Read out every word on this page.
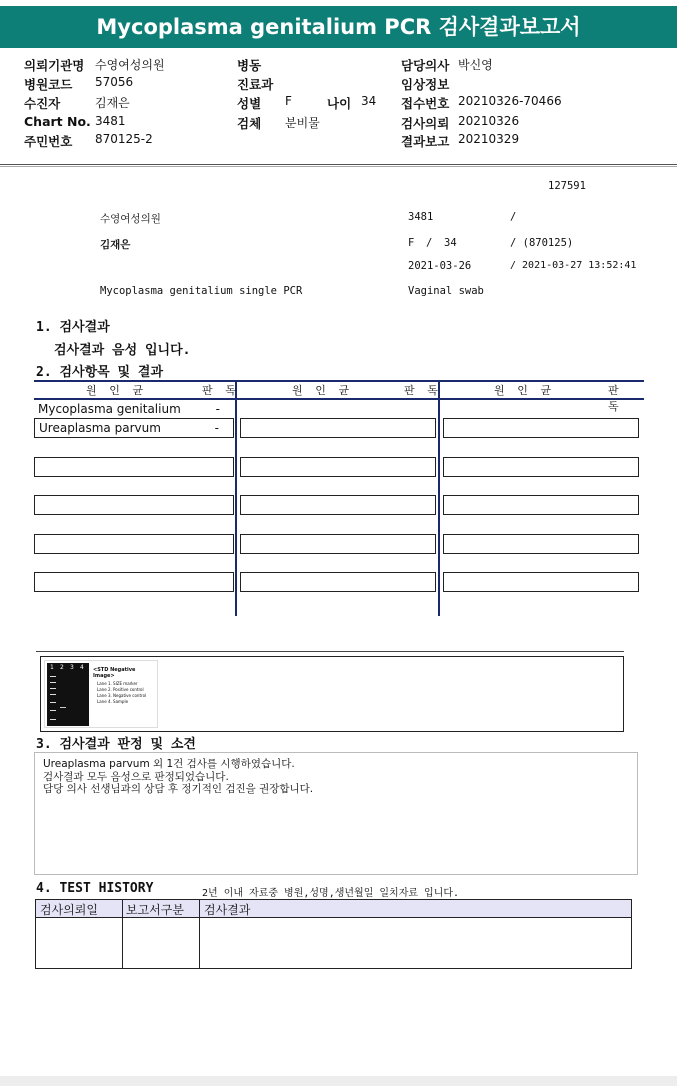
Mycoplasma genitalium PCR 검사결과보고서
의뢰기관명 수영여성의원	병동	담당의사 박신영
병원코드 57056	진료과	임상정보
수진자	김재은	성별 F	나이 34 접수번호 20210326-70466
Chart No. 3481	검체 분비물	검사의뢰 20210326
주민번호 870125-2	결과보고 20210329
127591
수영여성의원	3481	/
김재은	F / 34	/ (870125)
2021-03-26	/ 2021-03-27 13:52:41
Mycoplasma genitalium single PCR	Vaginal swab
1. 검사결과
검사결과 음성 입니다.
2. 검사항목 및 결과
원 인 균	판 독	원 인 균	판 독	원 인 균	판 독
Mycoplasma genitalium	-
Ureaplasma parvum	-
1 2 3 4 <STD Negative Image>
Lane 1. SIZE marker
Lane 2. Positive control
Lane 3. Negative control
Lane 4. Sample
3. 검사결과 판정 및 소견
Ureaplasma parvum 외 1건 검사를 시행하였습니다.
검사결과 모두 음성으로 판정되었습니다.
담당 의사 선생님과의 상담 후 정기적인 검진을 권장합니다.
4. TEST HISTORY	2년 이내 자료중 병원,성명,생년월일 일치자료 입니다.
검사의뢰일 보고서구분 검사결과
